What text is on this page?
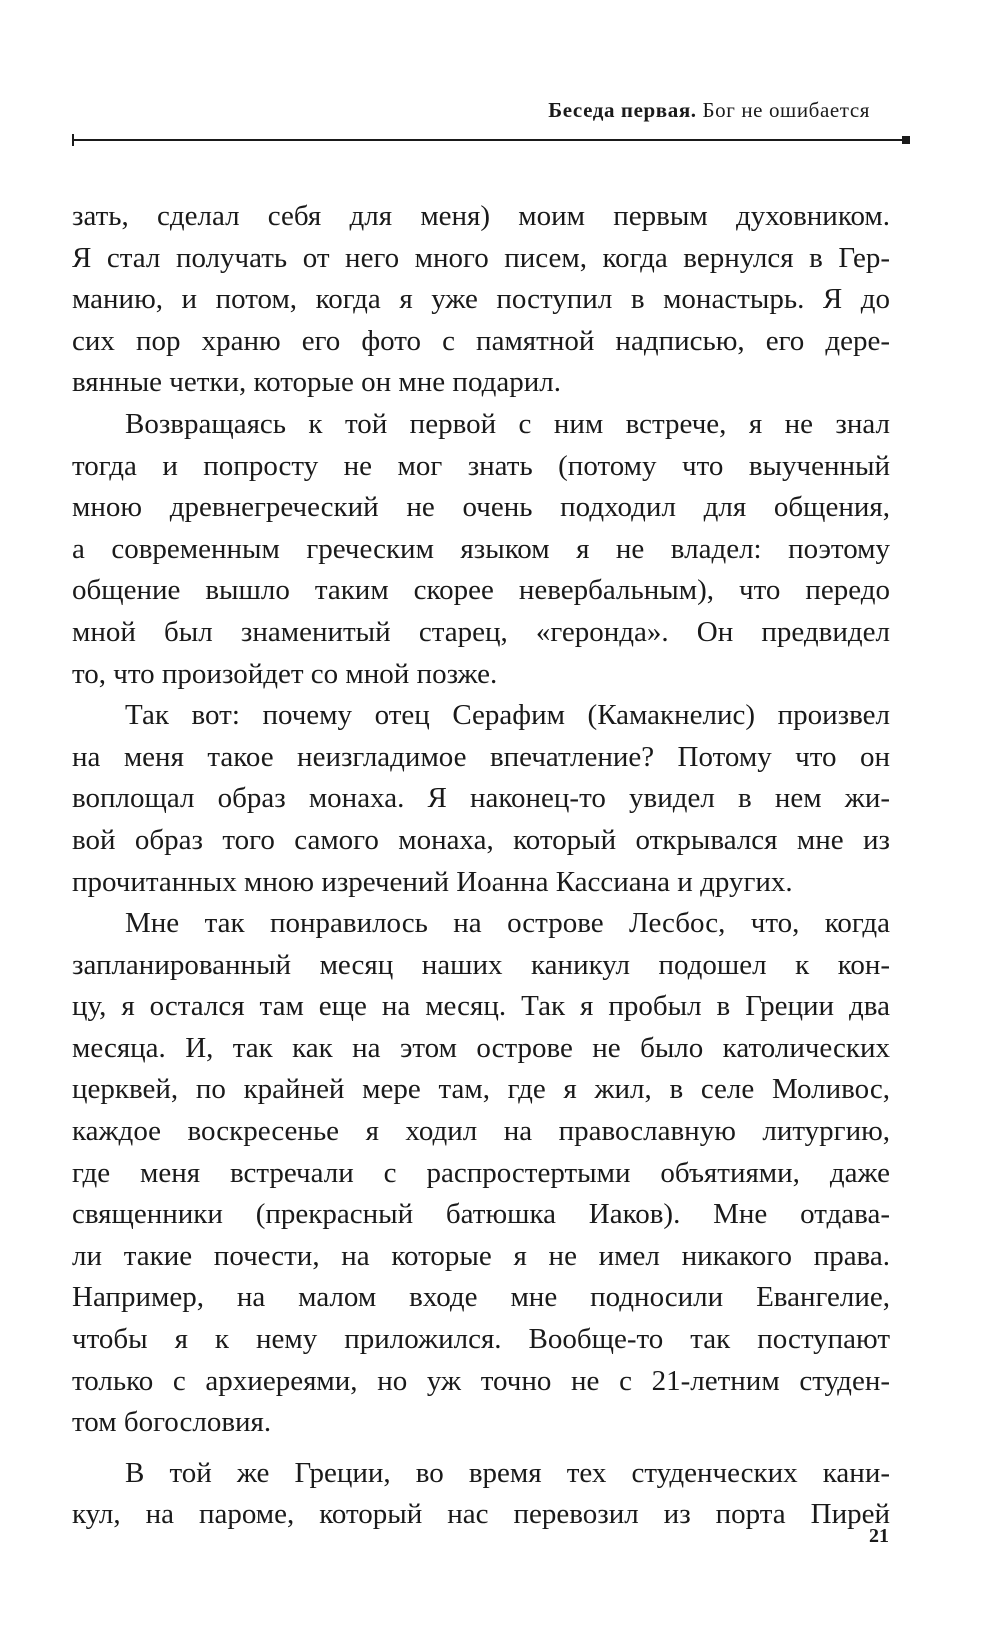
Беседа первая. Бог не ошибается
зать, сделал себя для меня) моим первым духовником.
Я стал получать от него много писем, когда вернулся в Гер-
манию, и потом, когда я уже поступил в монастырь. Я до
сих пор храню его фото с памятной надписью, его дере-
вянные четки, которые он мне подарил.
Возвращаясь к той первой с ним встрече, я не знал
тогда и попросту не мог знать (потому что выученный
мною древнегреческий не очень подходил для общения,
а современным греческим языком я не владел: поэтому
общение вышло таким скорее невербальным), что передо
мной был знаменитый старец, «геронда». Он предвидел
то, что произойдет со мной позже.
Так вот: почему отец Серафим (Камакнелис) произвел
на меня такое неизгладимое впечатление? Потому что он
воплощал образ монаха. Я наконец-то увидел в нем жи-
вой образ того самого монаха, который открывался мне из
прочитанных мною изречений Иоанна Кассиана и других.
Мне так понравилось на острове Лесбос, что, когда
запланированный месяц наших каникул подошел к кон-
цу, я остался там еще на месяц. Так я пробыл в Греции два
месяца. И, так как на этом острове не было католических
церквей, по крайней мере там, где я жил, в селе Моливос,
каждое воскресенье я ходил на православную литургию,
где меня встречали с распростертыми объятиями, даже
священники (прекрасный батюшка Иаков). Мне отдава-
ли такие почести, на которые я не имел никакого права.
Например, на малом входе мне подносили Евангелие,
чтобы я к нему приложился. Вообще-то так поступают
только с архиереями, но уж точно не с 21-летним студен-
том богословия.
В той же Греции, во время тех студенческих кани-
кул, на пароме, который нас перевозил из порта Пирей
21
